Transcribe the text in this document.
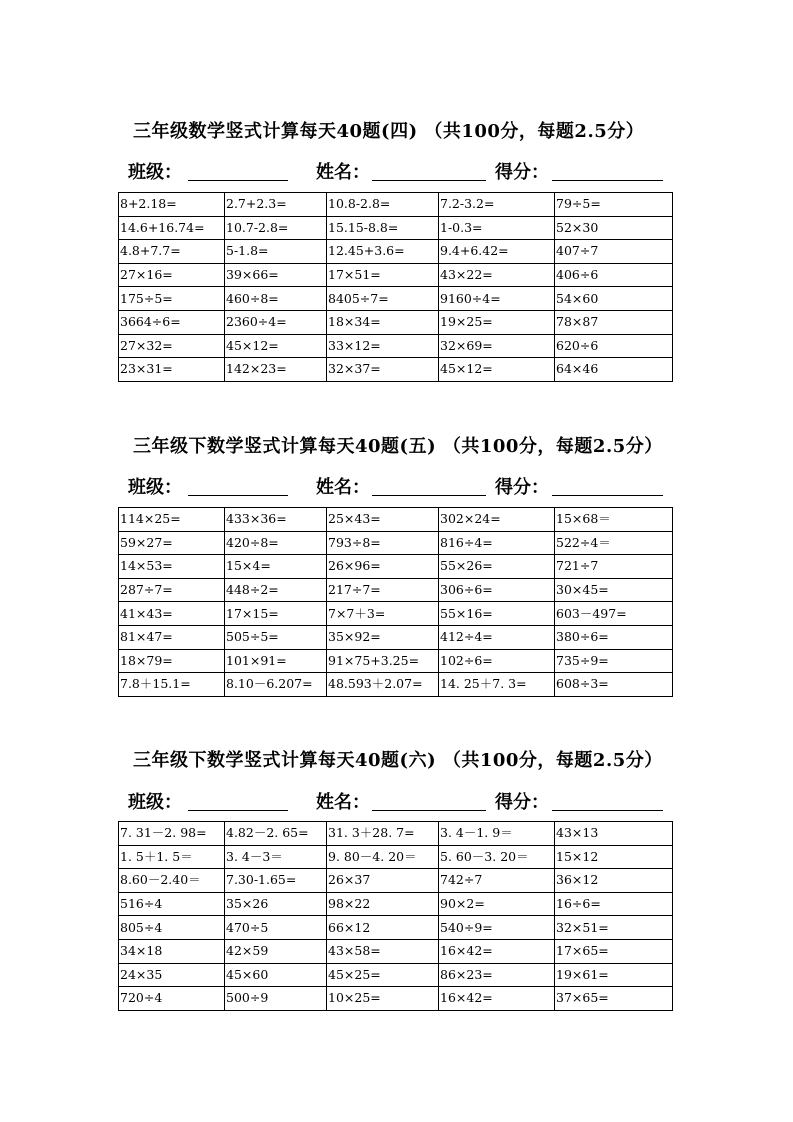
三年级数学竖式计算每天40题(四) （共100分，每题2.5分）
班级：	姓名：	得分：
8+2.18=	2.7+2.3=	10.8-2.8=	7.2-3.2=	79÷5=
14.6+16.74=	10.7-2.8=	15.15-8.8=	1-0.3=	52×30
4.8+7.7=	5-1.8=	12.45+3.6=	9.4+6.42=	407÷7
27×16=	39×66=	17×51=	43×22=	406÷6
175÷5=	460÷8=	8405÷7=	9160÷4=	54×60
3664÷6=	2360÷4=	18×34=	19×25=	78×87
27×32=	45×12=	33×12=	32×69=	620÷6
23×31=	142×23=	32×37=	45×12=	64×46
三年级下数学竖式计算每天40题(五) （共100分，每题2.5分）
班级：	姓名：	得分：
114×25=	433×36=	25×43=	302×24=	15×68＝
59×27=	420÷8=	793÷8=	816÷4=	522÷4＝
14×53=	15×4=	26×96=	55×26=	721÷7
287÷7=	448÷2=	217÷7=	306÷6=	30×45=
41×43=	17×15=	7×7＋3=	55×16=	603－497=
81×47=	505÷5=	35×92=	412÷4=	380÷6=
18×79=	101×91=	91×75+3.25=	102÷6=	735÷9=
7.8＋15.1=	8.10－6.207=	48.593＋2.07=	14. 25＋7. 3=	608÷3=
三年级下数学竖式计算每天40题(六) （共100分，每题2.5分）
班级：	姓名：	得分：
7. 31－2. 98=	4.82－2. 65=	31. 3＋28. 7=	3. 4－1. 9＝	43×13
1. 5＋1. 5＝	3. 4－3＝	9. 80－4. 20＝	5. 60－3. 20＝	15×12
8.60－2.40＝	7.30-1.65=	26×37	742÷7	36×12
516÷4	35×26	98×22	90×2=	16÷6=
805÷4	470÷5	66×12	540÷9=	32×51=
34×18	42×59	43×58=	16×42=	17×65=
24×35	45×60	45×25=	86×23=	19×61=
720÷4	500÷9	10×25=	16×42=	37×65=
